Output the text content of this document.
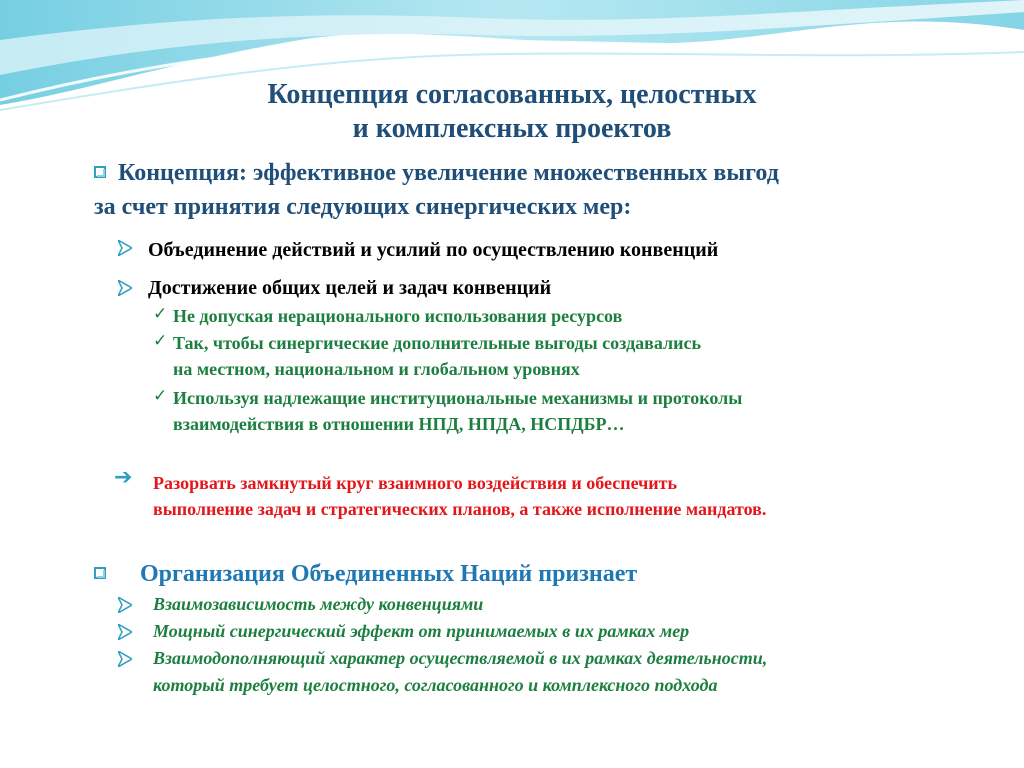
Концепция согласованных, целостных
и комплексных проектов
Концепция: эффективное увеличение множественных выгод
за счет принятия следующих синергических мер:
Объединение действий и усилий по осуществлению конвенций
Достижение общих целей и задач конвенций
✓ Не допуская нерационального использования ресурсов
✓ Так, чтобы синергические дополнительные выгоды создавались
на местном, национальном и глобальном уровнях
✓ Используя надлежащие институциональные механизмы и протоколы
взаимодействия в отношении НПД, НПДА, НСПДБР…
➔ Разорвать замкнутый круг взаимного воздействия и обеспечить
выполнение задач и стратегических планов, а также исполнение мандатов.
Организация Объединенных Наций признает
Взаимозависимость между конвенциями
Мощный синергический эффект от принимаемых в их рамках мер
Взаимодополняющий характер осуществляемой в их рамках деятельности,
который требует целостного, согласованного и комплексного подхода
